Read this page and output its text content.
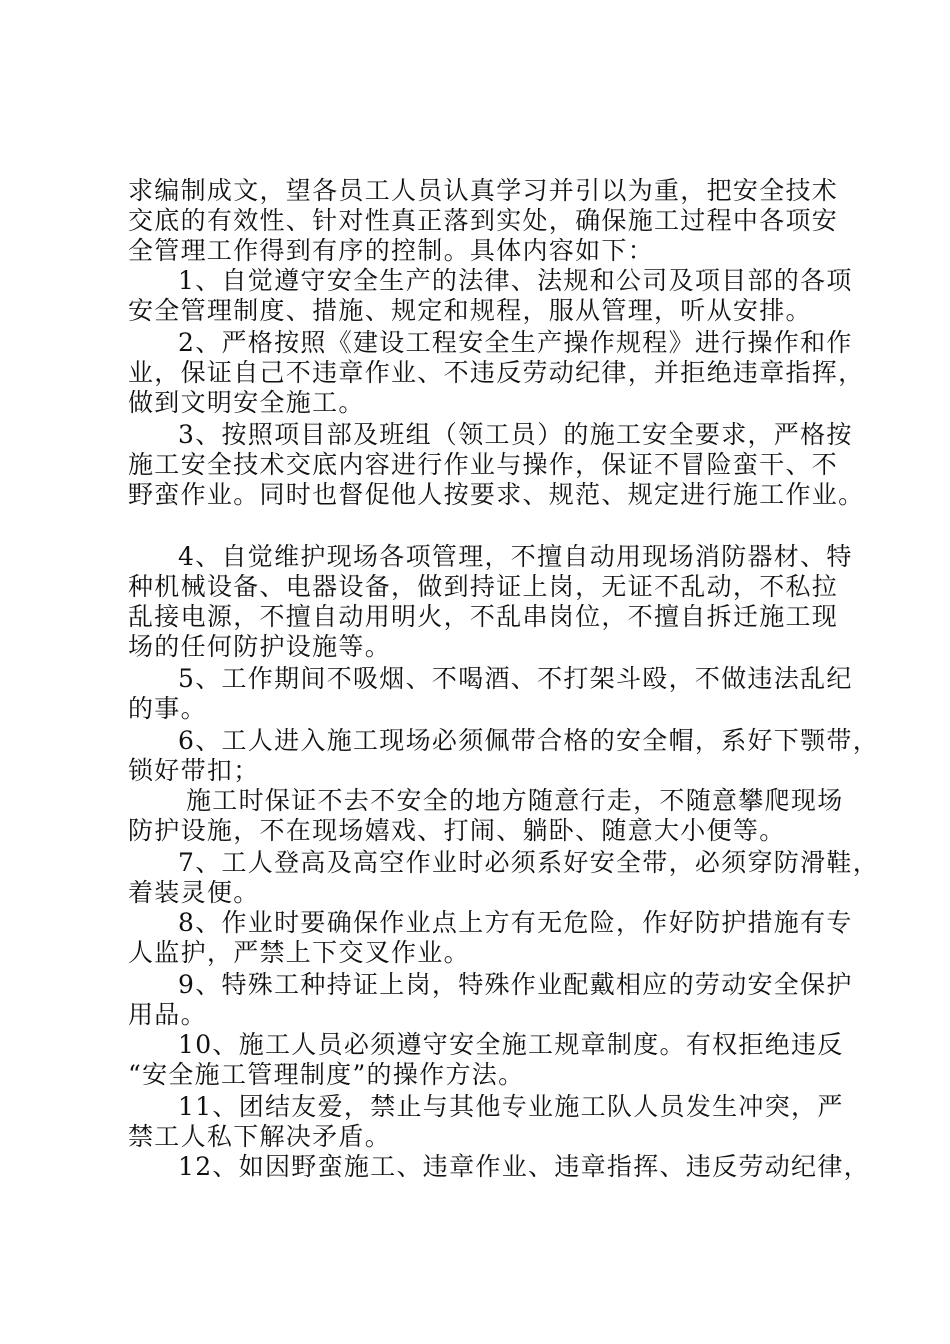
求编制成文，望各员工人员认真学习并引以为重，把安全技术
交底的有效性、针对性真正落到实处，确保施工过程中各项安
全管理工作得到有序的控制。具体内容如下：
1、自觉遵守安全生产的法律、法规和公司及项目部的各项
安全管理制度、措施、规定和规程，服从管理，听从安排。
2、严格按照《建设工程安全生产操作规程》进行操作和作
业，保证自己不违章作业、不违反劳动纪律，并拒绝违章指挥，
做到文明安全施工。
3、按照项目部及班组（领工员）的施工安全要求，严格按
施工安全技术交底内容进行作业与操作，保证不冒险蛮干、不
野蛮作业。同时也督促他人按要求、规范、规定进行施工作业。
4、自觉维护现场各项管理，不擅自动用现场消防器材、特
种机械设备、电器设备，做到持证上岗，无证不乱动，不私拉
乱接电源，不擅自动用明火，不乱串岗位，不擅自拆迁施工现
场的任何防护设施等。
5、工作期间不吸烟、不喝酒、不打架斗殴，不做违法乱纪
的事。
6、工人进入施工现场必须佩带合格的安全帽，系好下颚带，
锁好带扣；
施工时保证不去不安全的地方随意行走，不随意攀爬现场
防护设施，不在现场嬉戏、打闹、躺卧、随意大小便等。
7、工人登高及高空作业时必须系好安全带，必须穿防滑鞋，
着装灵便。
8、作业时要确保作业点上方有无危险，作好防护措施有专
人监护，严禁上下交叉作业。
9、特殊工种持证上岗，特殊作业配戴相应的劳动安全保护
用品。
10、施工人员必须遵守安全施工规章制度。有权拒绝违反
“安全施工管理制度”的操作方法。
11、团结友爱，禁止与其他专业施工队人员发生冲突，严
禁工人私下解决矛盾。
12、如因野蛮施工、违章作业、违章指挥、违反劳动纪律，
